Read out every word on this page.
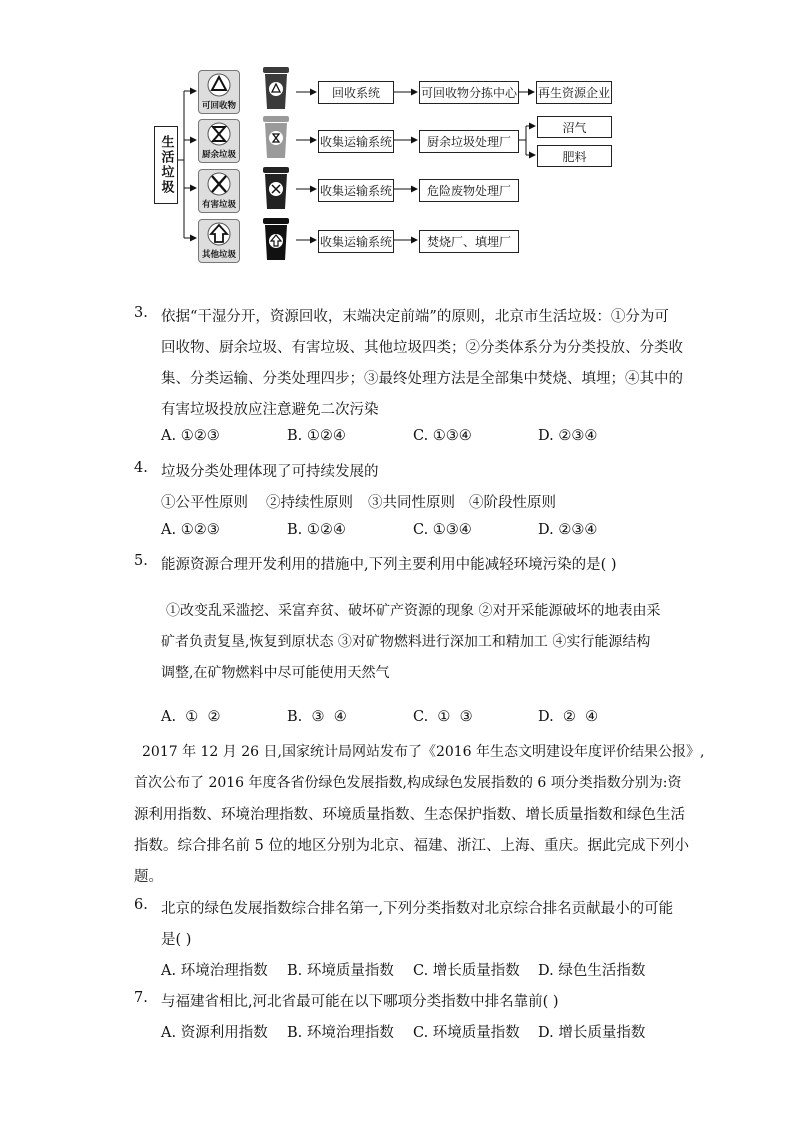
生活垃圾
可回收物
回收系统	可回收物分拣中心 再生资源企业
厨余垃圾
收集运输系统	厨余垃圾处理厂
沼气
肥料
有害垃圾
收集运输系统	危险废物处理厂
其他垃圾
收集运输系统	焚烧厂、填埋厂
3. 依据“干湿分开，资源回收，末端决定前端”的原则，北京市生活垃圾：①分为可
回收物、厨余垃圾、有害垃圾、其他垃圾四类；②分类体系分为分类投放、分类收
集、分类运输、分类处理四步；③最终处理方法是全部集中焚烧、填埋；④其中的
有害垃圾投放应注意避免二次污染
A. ①②③	B. ①②④	C. ①③④	D. ②③④
4. 垃圾分类处理体现了可持续发展的
①公平性原则 ②持续性原则 ③共同性原则 ④阶段性原则
A. ①②③	B. ①②④	C. ①③④	D. ②③④
5. 能源资源合理开发利用的措施中,下列主要利用中能减轻环境污染的是( )
①改变乱采滥挖、采富弃贫、破坏矿产资源的现象 ②对开采能源破坏的地表由采
矿者负责复垦,恢复到原状态 ③对矿物燃料进行深加工和精加工 ④实行能源结构
调整,在矿物燃料中尽可能使用天然气
A.  ①  ②	B.  ③  ④	C.  ①  ③	D.  ②  ④
2017 年 12 月 26 日,国家统计局网站发布了《2016 年生态文明建设年度评价结果公报》,
首次公布了 2016 年度各省份绿色发展指数,构成绿色发展指数的 6 项分类指数分别为:资
源利用指数、环境治理指数、环境质量指数、生态保护指数、增长质量指数和绿色生活
指数。综合排名前 5 位的地区分别为北京、福建、浙江、上海、重庆。据此完成下列小
题。
6. 北京的绿色发展指数综合排名第一,下列分类指数对北京综合排名贡献最小的可能
是( )
A. 环境治理指数 B. 环境质量指数 C. 增长质量指数 D. 绿色生活指数
7. 与福建省相比,河北省最可能在以下哪项分类指数中排名靠前( )
A. 资源利用指数 B. 环境治理指数 C. 环境质量指数 D. 增长质量指数
